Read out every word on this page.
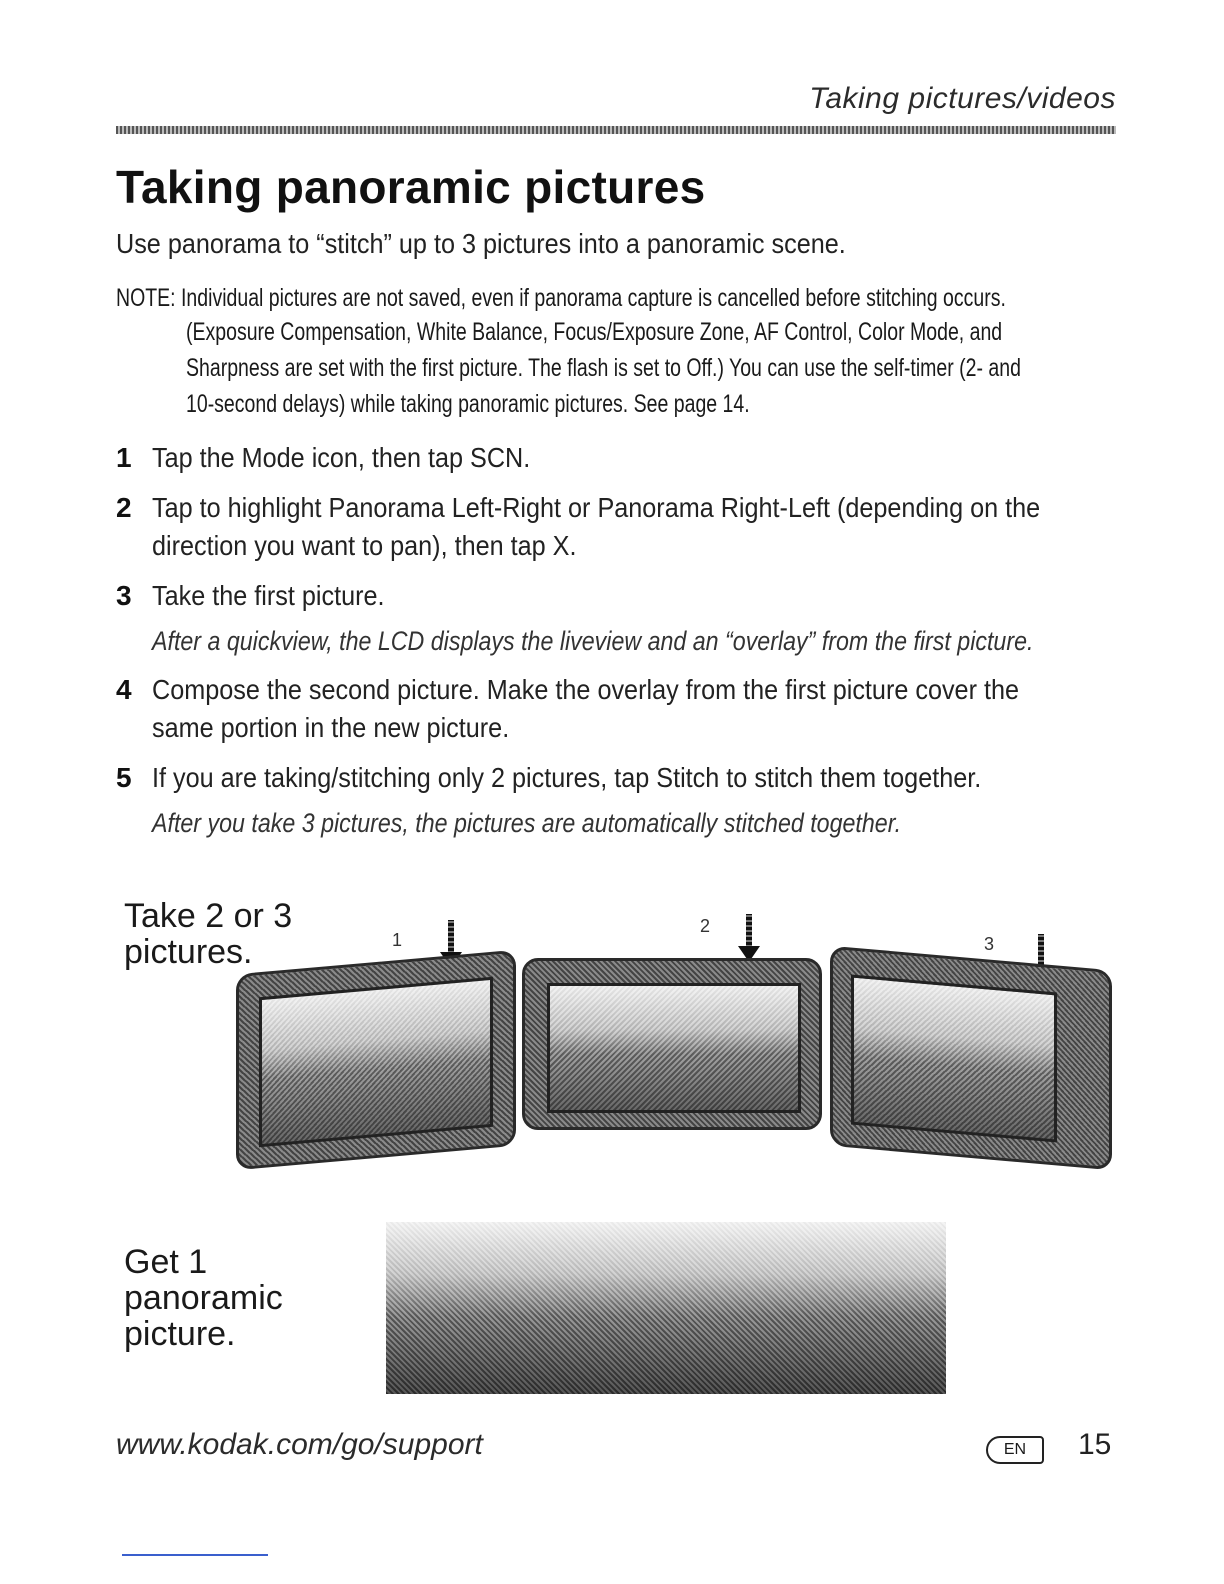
Taking pictures/videos
Taking panoramic pictures
Use panorama to “stitch” up to 3 pictures into a panoramic scene.
NOTE: Individual pictures are not saved, even if panorama capture is cancelled before stitching occurs.
(Exposure Compensation, White Balance, Focus/Exposure Zone, AF Control, Color Mode, and
Sharpness are set with the first picture. The flash is set to Off.) You can use the self-timer (2- and
10-second delays) while taking panoramic pictures. See page 14.
1 Tap the Mode icon, then tap SCN.
2 Tap to highlight Panorama Left-Right or Panorama Right-Left (depending on the
direction you want to pan), then tap X.
3 Take the first picture.
After a quickview, the LCD displays the liveview and an “overlay” from the first picture.
4 Compose the second picture. Make the overlay from the first picture cover the
same portion in the new picture.
5 If you are taking/stitching only 2 pictures, tap Stitch to stitch them together.
After you take 3 pictures, the pictures are automatically stitched together.
Take 2 or 3
pictures.	1
2
3
Get 1
panoramic
picture.
www.kodak.com/go/support	EN	15
